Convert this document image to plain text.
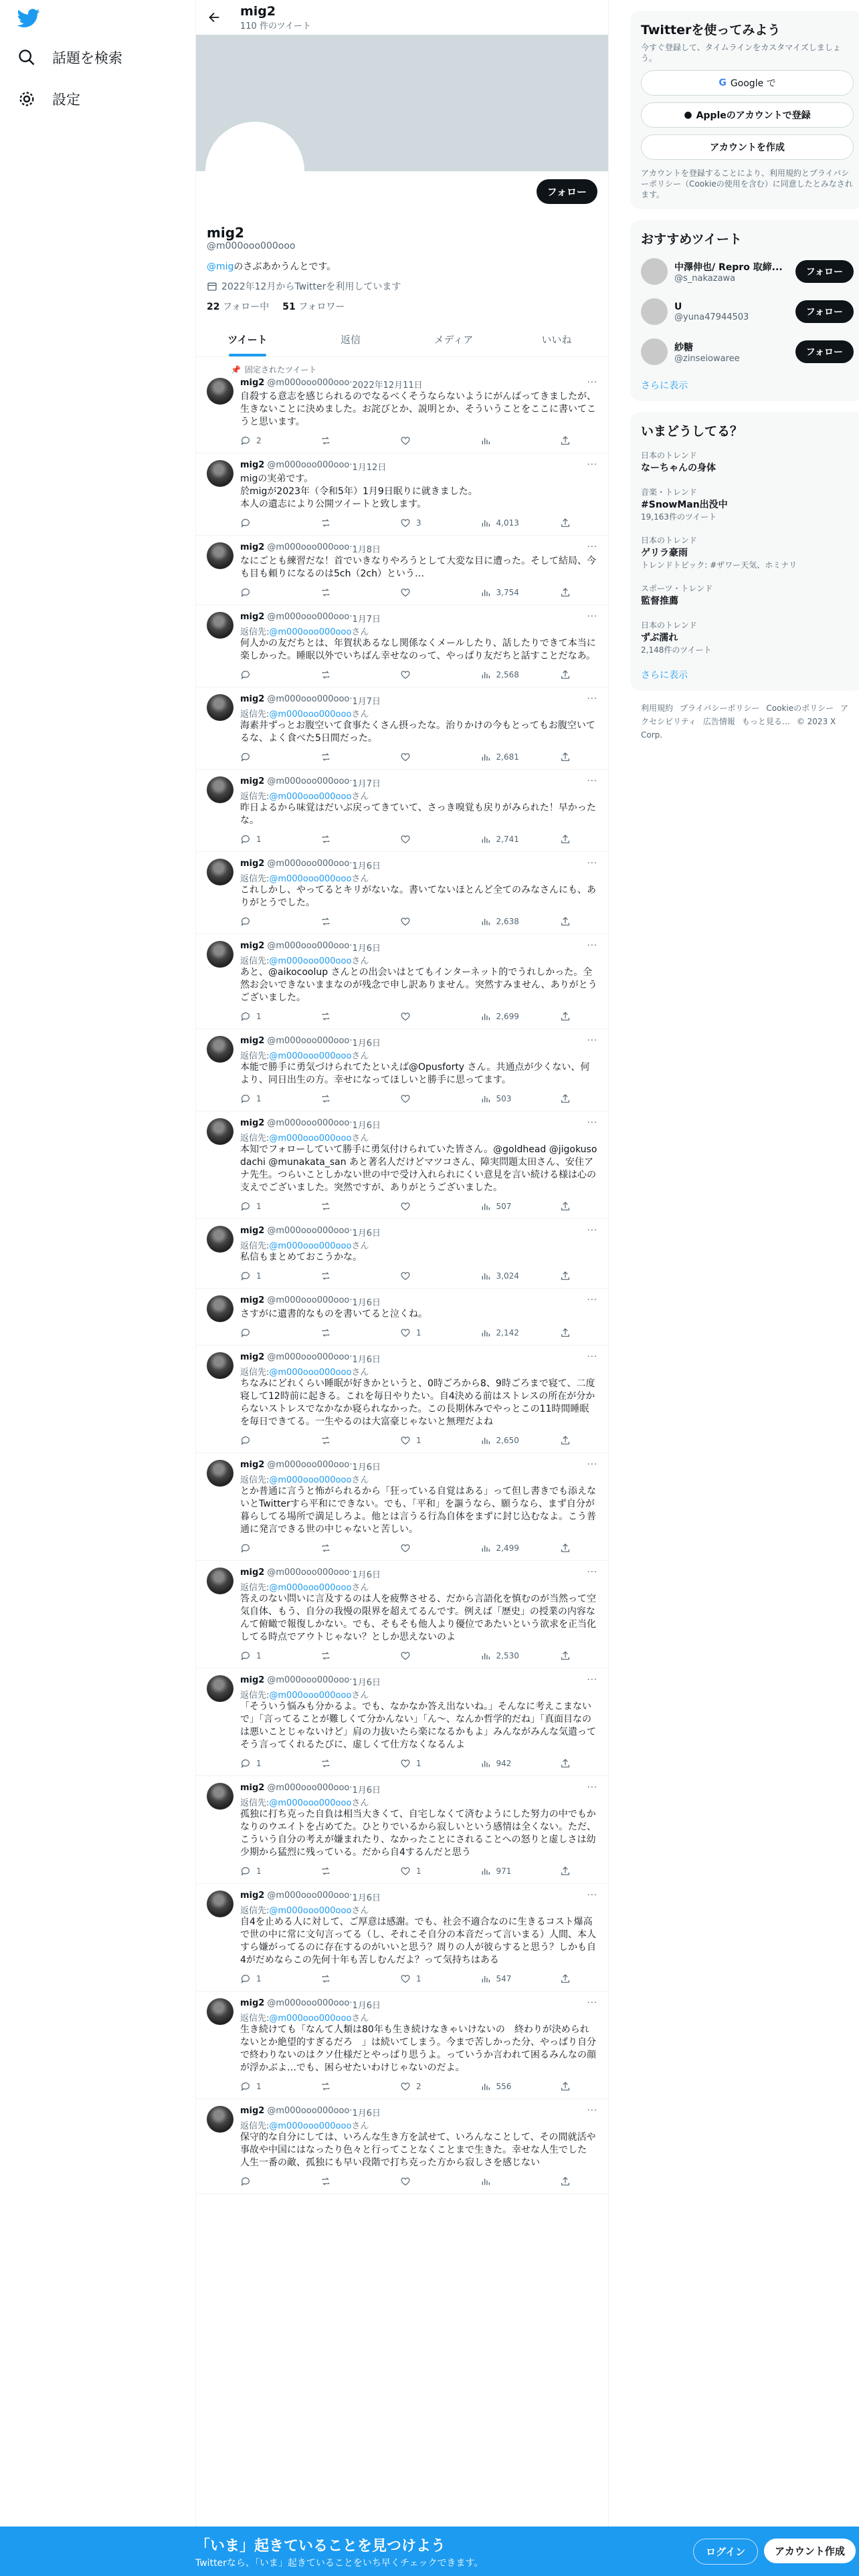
話題を検索
設定
mig2
110 件のツイート
フォロー
mig2
@m000ooo000ooo
@migのさぶあかうんとです。
2022年12月からTwitterを利用しています
22 フォロー中 51 フォロワー
ツイート	返信	メディア	いいね
📌 固定されたツイート
mig2 @m000ooo000ooo · 2022年12月11日	···
自殺する意志を感じられるのでなるべくそうならないようにがんばってきましたが、生きないことに決めました。お詫びとか、説明とか、そういうことをここに書いてこうと思います。
2
mig2 @m000ooo000ooo · 1月12日	···
migの実弟です。
於migが2023年（令和5年）1月9日眠りに就きました。
本人の遺志により公開ツイートと致します。
3	4,013
mig2 @m000ooo000ooo · 1月8日	···
なにごとも練習だな！首でいきなりやろうとして大変な目に遭った。そして結局、今も目も頼りになるのは5ch（2ch）という…
3,754
mig2 @m000ooo000ooo · 1月7日	···
返信先:@m000ooo000oooさん
何人かの友だちとは、年賀状あるなし関係なくメールしたり、話したりできて本当に楽しかった。睡眠以外でいちばん幸せなのって、やっぱり友だちと話すことだなあ。
2,568
mig2 @m000ooo000ooo · 1月7日	···
返信先:@m000ooo000oooさん
海素井ずっとお腹空いて食事たくさん摂ったな。治りかけの今もとってもお腹空いてるな、よく食べた5日間だった。
2,681
mig2 @m000ooo000ooo · 1月7日	···
返信先:@m000ooo000oooさん
昨日よるから味覚はだいぶ戻ってきていて、さっき嗅覚も戻りがみられた！早かったな。
1	2,741
mig2 @m000ooo000ooo · 1月6日	···
返信先:@m000ooo000oooさん
これしかし、やってるとキリがないな。書いてないほとんど全てのみなさんにも、ありがとうでした。
2,638
mig2 @m000ooo000ooo · 1月6日	···
返信先:@m000ooo000oooさん
あと、@aikocoolup さんとの出会いはとてもインターネット的でうれしかった。全然お会いできないままなのが残念で申し訳ありません。突然すみません、ありがとうございました。
1	2,699
mig2 @m000ooo000ooo · 1月6日	···
返信先:@m000ooo000oooさん
本能で勝手に勇気づけられてたといえば@Opusforty さん。共通点が少くない、何より、同日出生の方。幸せになってほしいと勝手に思ってます。
1	503
mig2 @m000ooo000ooo · 1月6日	···
返信先:@m000ooo000oooさん
本知でフォローしていて勝手に勇気付けられていた皆さん。@goldhead @jigokusodachi @munakata_san あと著名人だけどマツコさん、障実問題太田さん、安住アナ先生。つらいことしかない世の中で受け入れられにくい意見を言い続ける様は心の支えでございました。突然ですが、ありがとうございました。
1	507
mig2 @m000ooo000ooo · 1月6日	···
返信先:@m000ooo000oooさん
私信もまとめておこうかな。
1	3,024
mig2 @m000ooo000ooo · 1月6日	···
さすがに遺書的なものを書いてると泣くね。
1	2,142
mig2 @m000ooo000ooo · 1月6日	···
返信先:@m000ooo000oooさん
ちなみにどれくらい睡眠が好きかというと、0時ごろから8、9時ごろまで寝て、二度寝して12時前に起きる。これを毎日やりたい。自4決める前はストレスの所在が分からないストレスでなかなか寝られなかった。この長期休みでやっとこの11時間睡眠を毎日できてる。一生やるのは大富豪じゃないと無理だよね
1	2,650
mig2 @m000ooo000ooo · 1月6日	···
返信先:@m000ooo000oooさん
とか普通に言うと怖がられるから「狂っている自覚はある」って但し書きでも添えないとTwitterすら平和にできない。でも、「平和」を謳うなら、願うなら、まず自分が暮らしてる場所で満足しろよ。他とは言うる行為自体をまずに封じ込むなよ。こう普通に発言できる世の中じゃないと苦しい。
2,499
mig2 @m000ooo000ooo · 1月6日	···
返信先:@m000ooo000oooさん
答えのない問いに言及するのは人を疲弊させる、だから言語化を慎むのが当然って空気自体、もう、自分の我慢の限界を超えてるんです。例えば「歴史」の授業の内容なんて俯瞰で報復しかない。でも、そもそも他人より優位であたいという欲求を正当化してる時点でアウトじゃない？としか思えないのよ
1	2,530
mig2 @m000ooo000ooo · 1月6日	···
返信先:@m000ooo000oooさん
「そういう悩みも分かるよ。でも、なかなか答え出ないね。」そんなに考えこまないで」「言ってることが難しくて分かんない」「ん〜、なんか哲学的だね」「真面目なのは悪いことじゃないけど」肩の力抜いたら楽になるかもよ」みんながみんな気遣ってそう言ってくれるたびに、虚しくて仕方なくなるんよ
1	1	942
mig2 @m000ooo000ooo · 1月6日	···
返信先:@m000ooo000oooさん
孤独に打ち克った自負は相当大きくて、自宅しなくて済むようにした努力の中でもかなりのウエイトを占めてた。ひとりでいるから寂しいという感情は全くない。ただ、こういう自分の考えが嫌まれたり、なかったことにされることへの怒りと虚しさは幼少期から猛烈に残っている。だから自4するんだと思う
1	1	971
mig2 @m000ooo000ooo · 1月6日	···
返信先:@m000ooo000oooさん
自4を止める人に対して、ご厚意は感謝。でも、社会不適合なのに生きるコスト爆高で世の中に常に文句言ってる（し、それこそ自分の本音だって言いまる）人間、本人すら嫌がってるのに存在するのがいいと思う？周りの人が彼らすると思う？しかも自4がだめならこの先何十年も苦しむんだよ？って気持ちはある
1	1	547
mig2 @m000ooo000ooo · 1月6日	···
返信先:@m000ooo000oooさん
生き続けても「なんて人類は80年も生き続けなきゃいけないの　終わりが決められないとか絶望的すぎるだろ　」は続いてしまう。今まで苦しかった分、やっぱり自分で終わりないのはクソ仕様だとやっぱり思うよ。っていうか言われて困るみんなの顔が浮かぶよ…でも、困らせたいわけじゃないのだよ。
1	2	556
mig2 @m000ooo000ooo · 1月6日	···
返信先:@m000ooo000oooさん
保守的な自分にしては、いろんな生き方を試せて、いろんなことして、その間就活や事故や中国にはなったり色々と行ってことなくことまで生きた。幸せな人生でした　人生一番の敵、孤独にも早い段階で打ち克った方から寂しさを感じない
Twitterを使ってみよう
今すぐ登録して、タイムラインをカスタマイズしましょう。
G Google で
● Appleのアカウントで登録
アカウントを作成
アカウントを登録することにより、利用規約とプライバシーポリシー（Cookieの使用を含む）に同意したとみなされます。
おすすめツイート
中澤伸也/ Repro 取締...
@s_nakazawa
フォロー
U
@yuna47944503	フォロー
紗糖
@zinseiowaree
フォロー
さらに表示
いまどうしてる？
日本のトレンド
なーちゃんの身体
音楽・トレンド
#SnowMan出没中
19,163件のツイート
日本のトレンド
ゲリラ豪雨
トレンドトピック: #ザワー天気、ホミナリ
スポーツ・トレンド
監督推薦
日本のトレンド
ずぶ濡れ
2,148件のツイート
さらに表示
利用規約 プライバシーポリシー Cookieのポリシー アクセシビリティ 広告情報 もっと見る… © 2023 X Corp.
「いま」起きていることを見つけよう
Twitterなら、「いま」起きていることをいち早くチェックできます。
ログイン	アカウント作成
